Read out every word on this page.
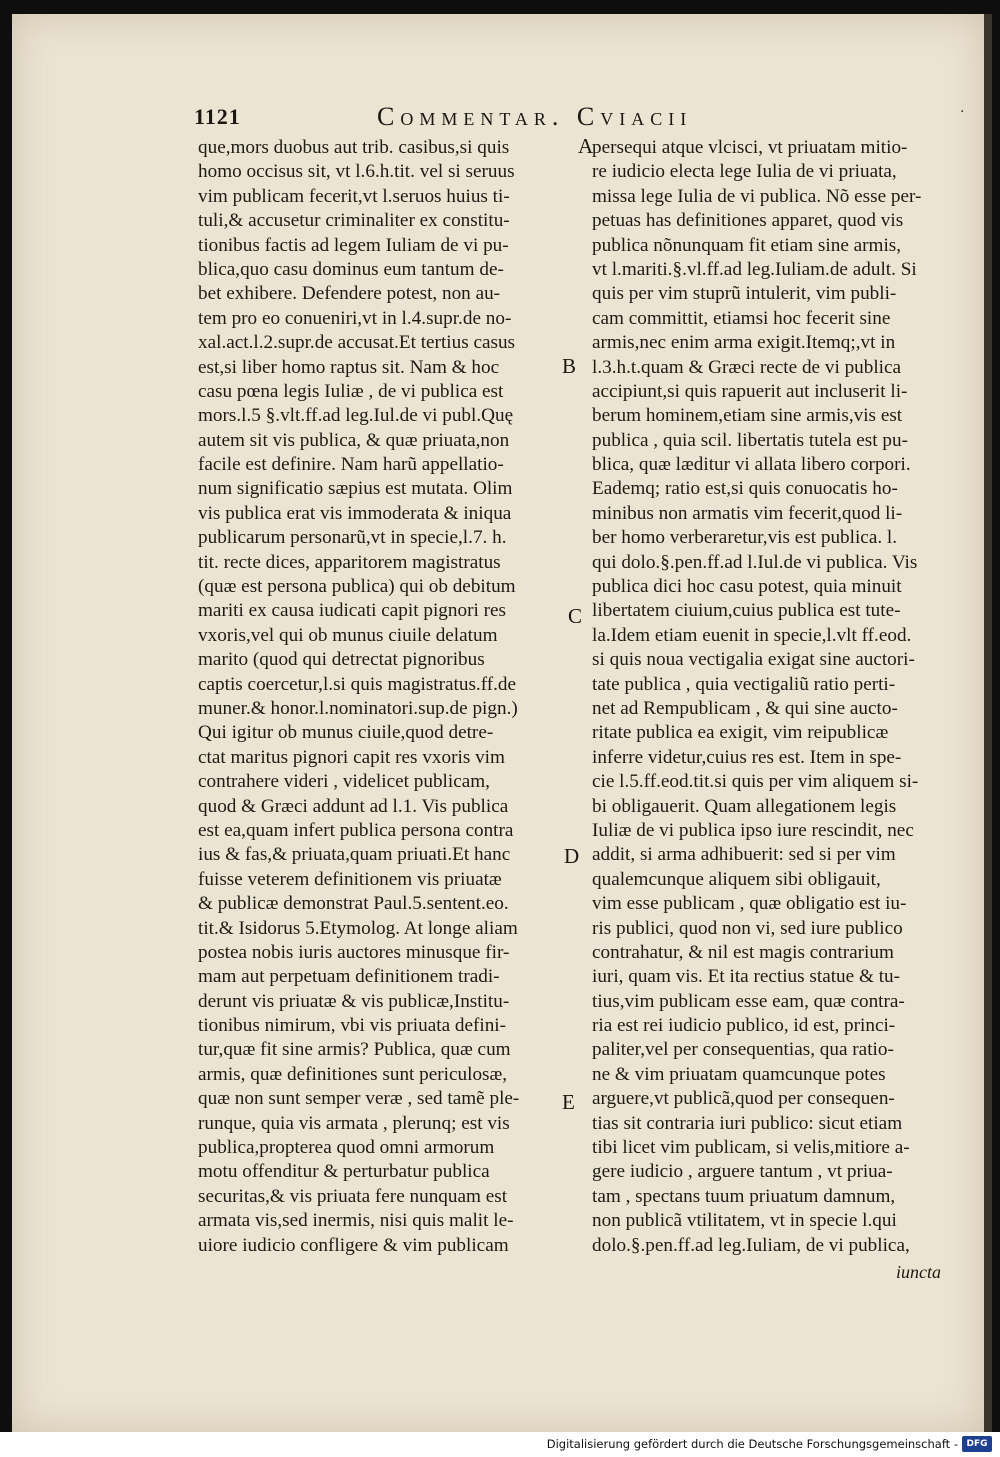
1121	Commentar. Cviacii	·
que,mors duobus aut trib. casibus,si quis
homo occisus sit, vt l.6.h.tit. vel si seruus
vim publicam fecerit,vt l.seruos huius ti-
tuli,& accusetur criminaliter ex constitu-
tionibus factis ad legem Iuliam de vi pu-
blica,quo casu dominus eum tantum de-
bet exhibere. Defendere potest, non au-
tem pro eo conueniri,vt in l.4.supr.de no-
xal.act.l.2.supr.de accusat.Et tertius casus
est,si liber homo raptus sit. Nam & hoc
casu pœna legis Iuliæ , de vi publica est
mors.l.5 §.vlt.ff.ad leg.Iul.de vi publ.Quę
autem sit vis publica, & quæ priuata,non
facile est definire. Nam harũ appellatio-
num significatio sæpius est mutata. Olim
vis publica erat vis immoderata & iniqua
publicarum personarũ,vt in specie,l.7. h.
tit. recte dices, apparitorem magistratus
(quæ est persona publica) qui ob debitum
mariti ex causa iudicati capit pignori res
vxoris,vel qui ob munus ciuile delatum
marito (quod qui detrectat pignoribus
captis coercetur,l.si quis magistratus.ff.de
muner.& honor.l.nominatori.sup.de pign.)
Qui igitur ob munus ciuile,quod detre-
ctat maritus pignori capit res vxoris vim
contrahere videri , videlicet publicam,
quod & Græci addunt ad l.1. Vis publica
est ea,quam infert publica persona contra
ius & fas,& priuata,quam priuati.Et hanc
fuisse veterem definitionem vis priuatæ
& publicæ demonstrat Paul.5.sentent.eo.
tit.& Isidorus 5.Etymolog. At longe aliam
postea nobis iuris auctores minusque fir-
mam aut perpetuam definitionem tradi-
derunt vis priuatæ & vis publicæ,Institu-
tionibus nimirum, vbi vis priuata defini-
tur,quæ fit sine armis? Publica, quæ cum
armis, quæ definitiones sunt periculosæ,
quæ non sunt semper veræ , sed tamẽ ple-
runque, quia vis armata , plerunq; est vis
publica,propterea quod omni armorum
motu offenditur & perturbatur publica
securitas,& vis priuata fere nunquam est
armata vis,sed inermis, nisi quis malit le-
uiore iudicio confligere & vim publicam
persequi atque vlcisci, vt priuatam mitio-
re iudicio electa lege Iulia de vi priuata,
missa lege Iulia de vi publica. Nõ esse per-
petuas has definitiones apparet, quod vis
publica nõnunquam fit etiam sine armis,
vt l.mariti.§.vl.ff.ad leg.Iuliam.de adult. Si
quis per vim stuprũ intulerit, vim publi-
cam committit, etiamsi hoc fecerit sine
armis,nec enim arma exigit.Itemq;,vt in
l.3.h.t.quam & Græci recte de vi publica
accipiunt,si quis rapuerit aut incluserit li-
berum hominem,etiam sine armis,vis est
publica , quia scil. libertatis tutela est pu-
blica, quæ læditur vi allata libero corpori.
Eademq; ratio est,si quis conuocatis ho-
minibus non armatis vim fecerit,quod li-
ber homo verberaretur,vis est publica. l.
qui dolo.§.pen.ff.ad l.Iul.de vi publica. Vis
publica dici hoc casu potest, quia minuit
libertatem ciuium,cuius publica est tute-
la.Idem etiam euenit in specie,l.vlt ff.eod.
si quis noua vectigalia exigat sine auctori-
tate publica , quia vectigaliũ ratio perti-
net ad Rempublicam , & qui sine aucto-
ritate publica ea exigit, vim reipublicæ
inferre videtur,cuius res est. Item in spe-
cie l.5.ff.eod.tit.si quis per vim aliquem si-
bi obligauerit. Quam allegationem legis
Iuliæ de vi publica ipso iure rescindit, nec
addit, si arma adhibuerit: sed si per vim
qualemcunque aliquem sibi obligauit,
vim esse publicam , quæ obligatio est iu-
ris publici, quod non vi, sed iure publico
contrahatur, & nil est magis contrarium
iuri, quam vis. Et ita rectius statue & tu-
tius,vim publicam esse eam, quæ contra-
ria est rei iudicio publico, id est, princi-
paliter,vel per consequentias, qua ratio-
ne & vim priuatam quamcunque potes
arguere,vt publicã,quod per consequen-
tias sit contraria iuri publico: sicut etiam
tibi licet vim publicam, si velis,mitiore a-
gere iudicio , arguere tantum , vt priua-
tam , spectans tuum priuatum damnum,
non publicã vtilitatem, vt in specie l.qui
dolo.§.pen.ff.ad leg.Iuliam, de vi publica,
A
B
C
D
E
iuncta
Digitalisierung gefördert durch die Deutsche Forschungsgemeinschaft - DFG
